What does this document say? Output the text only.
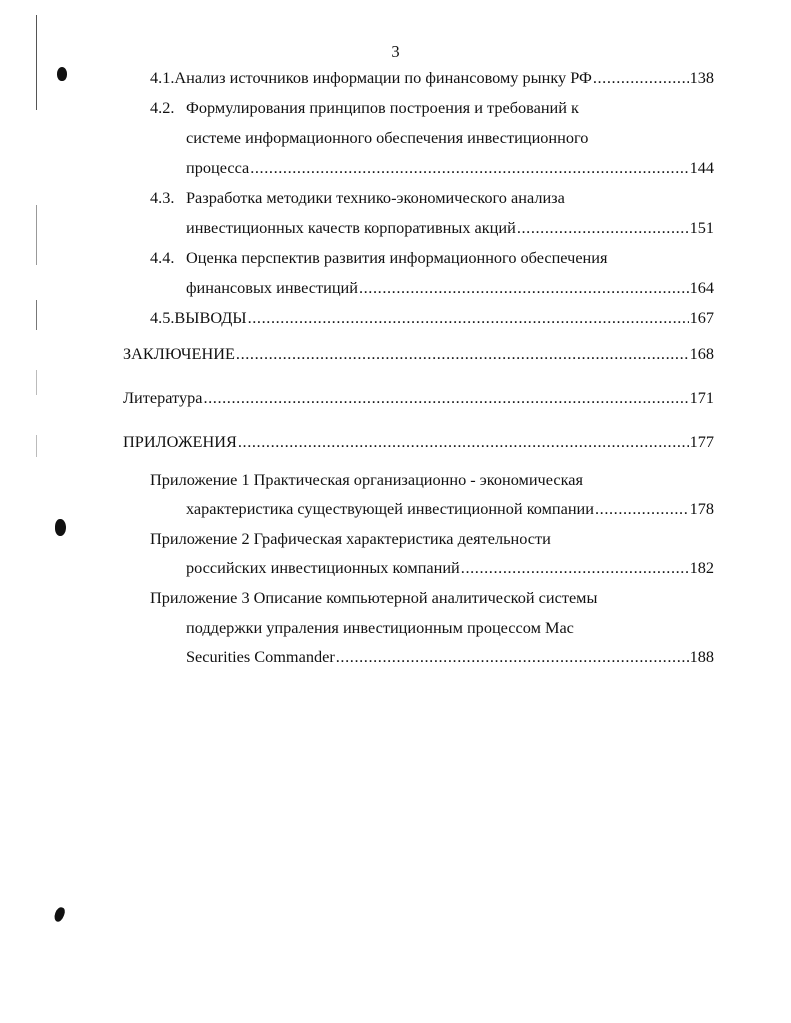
3
4.1. Анализ источников информации по финансовому рынку РФ .....	138
4.2. Формулирования принципов построения и требований к
системе информационного обеспечения инвестиционного
процесса .....	144
4.3. Разработка методики технико-экономического анализа
инвестиционных качеств корпоративных акций .....	151
4.4. Оценка перспектив развития информационного обеспечения
финансовых инвестиций .....	164
4.5. ВЫВОДЫ .....	167
ЗАКЛЮЧЕНИЕ .....	168
Литература .....	171
ПРИЛОЖЕНИЯ .....	177
Приложение 1 Практическая организационно - экономическая
характеристика существующей инвестиционной компании .....	178
Приложение 2 Графическая характеристика деятельности
российских инвестиционных компаний .....	182
Приложение 3 Описание компьютерной аналитической системы
поддержки упраления инвестиционным процессом Mac
Securities Commander .....	188
